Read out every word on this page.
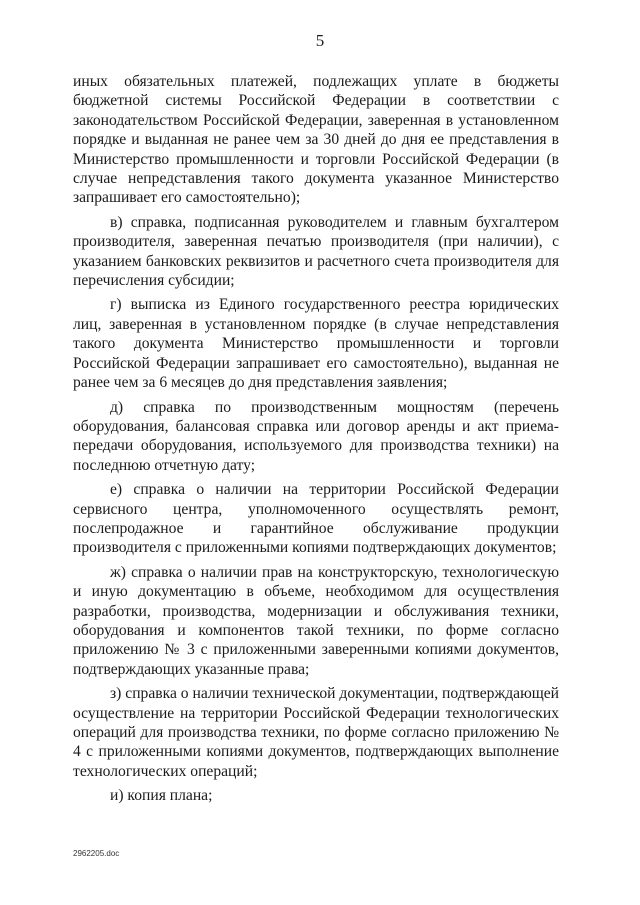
5

иных обязательных платежей, подлежащих уплате в бюджеты бюджетной системы Российской Федерации в соответствии с законодательством Российской Федерации, заверенная в установленном порядке и выданная не ранее чем за 30 дней до дня ее представления в Министерство промышленности и торговли Российской Федерации (в случае непредставления такого документа указанное Министерство запрашивает его самостоятельно);

в) справка, подписанная руководителем и главным бухгалтером производителя, заверенная печатью производителя (при наличии), с указанием банковских реквизитов и расчетного счета производителя для перечисления субсидии;

г) выписка из Единого государственного реестра юридических лиц, заверенная в установленном порядке (в случае непредставления такого документа Министерство промышленности и торговли Российской Федерации запрашивает его самостоятельно), выданная не ранее чем за 6 месяцев до дня представления заявления;

д) справка по производственным мощностям (перечень оборудования, балансовая справка или договор аренды и акт приема-передачи оборудования, используемого для производства техники) на последнюю отчетную дату;

е) справка о наличии на территории Российской Федерации сервисного центра, уполномоченного осуществлять ремонт, послепродажное и гарантийное обслуживание продукции производителя с приложенными копиями подтверждающих документов;

ж) справка о наличии прав на конструкторскую, технологическую и иную документацию в объеме, необходимом для осуществления разработки, производства, модернизации и обслуживания техники, оборудования и компонентов такой техники, по форме согласно приложению № 3 с приложенными заверенными копиями документов, подтверждающих указанные права;

з) справка о наличии технической документации, подтверждающей осуществление на территории Российской Федерации технологических операций для производства техники, по форме согласно приложению № 4 с приложенными копиями документов, подтверждающих выполнение технологических операций;

и) копия плана;

2962205.doc
